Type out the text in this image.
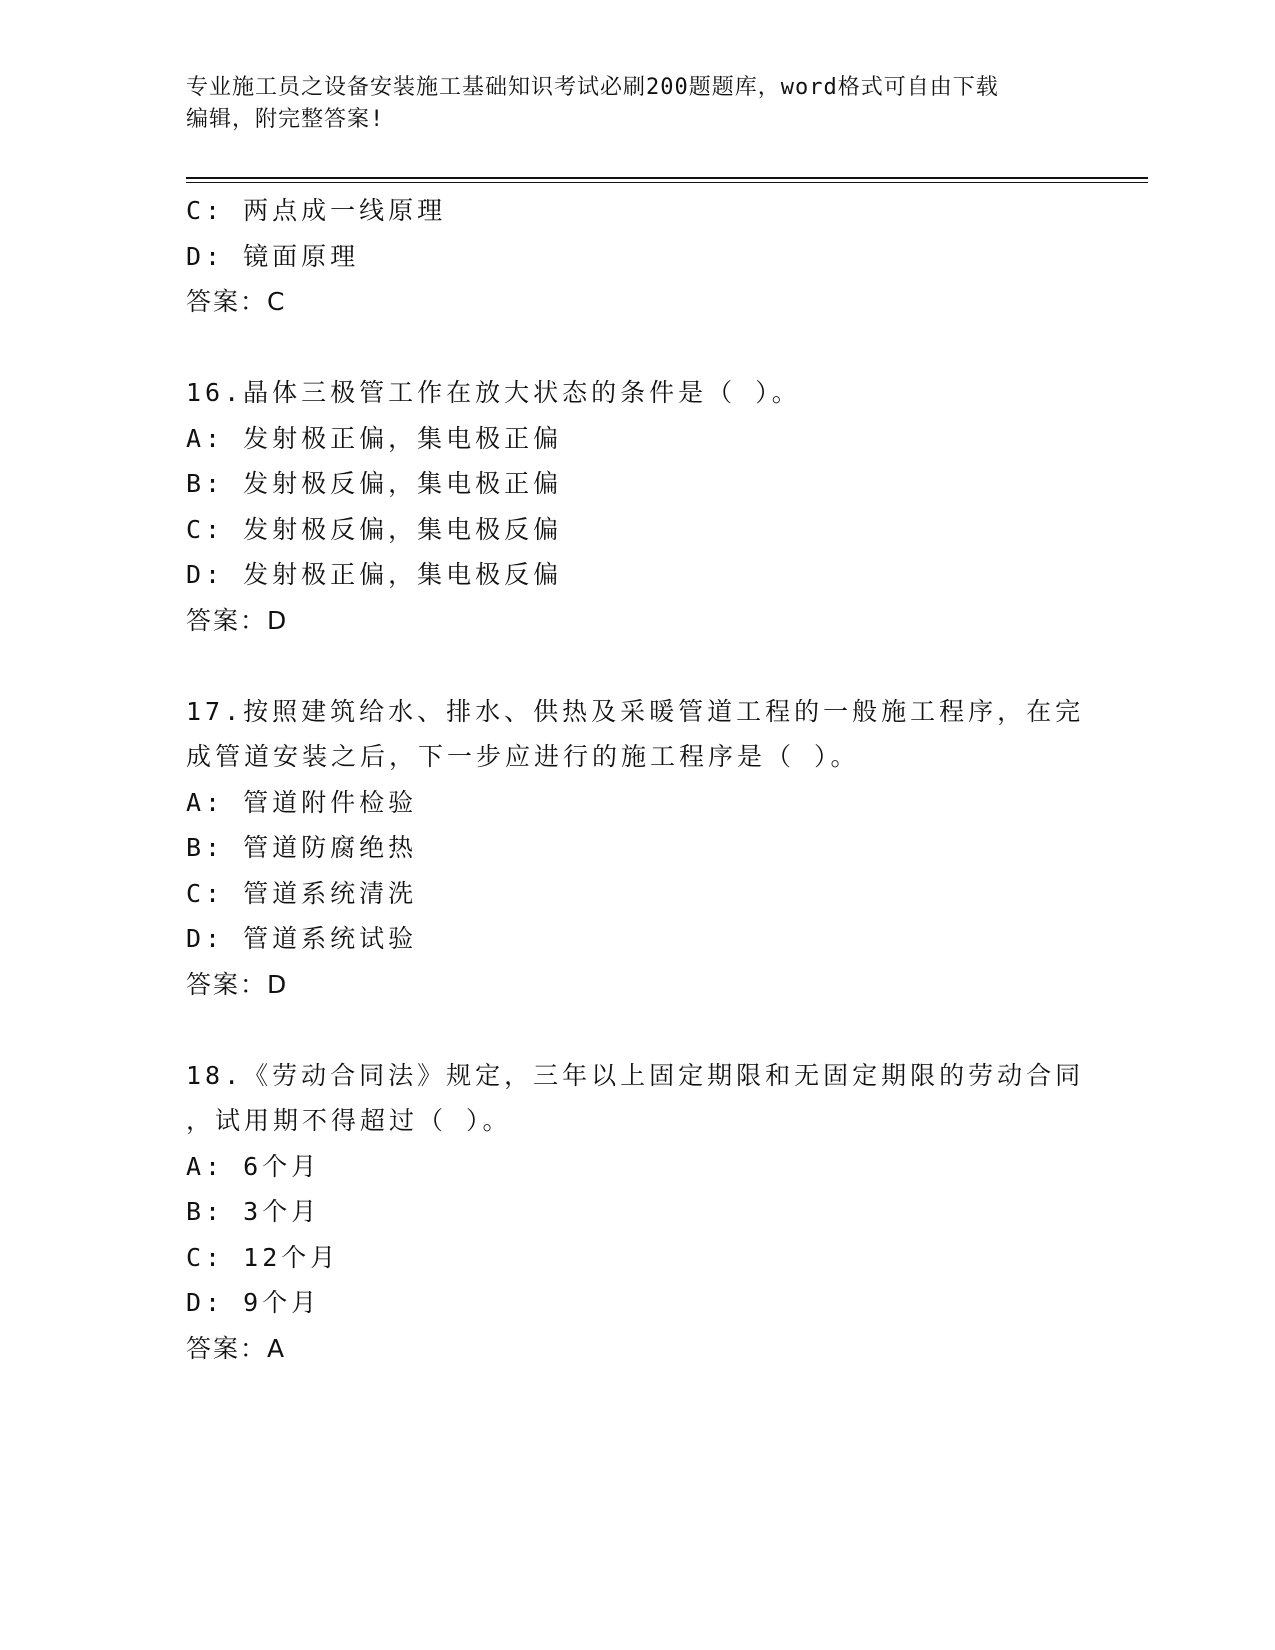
专业施工员之设备安装施工基础知识考试必刷200题题库，word格式可自由下载
编辑，附完整答案!
C: 两点成一线原理
D: 镜面原理
答案：C
16.晶体三极管工作在放大状态的条件是（ ）。
A: 发射极正偏，集电极正偏
B: 发射极反偏，集电极正偏
C: 发射极反偏，集电极反偏
D: 发射极正偏，集电极反偏
答案：D
17.按照建筑给水、排水、供热及采暖管道工程的一般施工程序，在完
成管道安装之后，下一步应进行的施工程序是（ ）。
A: 管道附件检验
B: 管道防腐绝热
C: 管道系统清洗
D: 管道系统试验
答案：D
18.《劳动合同法》规定，三年以上固定期限和无固定期限的劳动合同
，试用期不得超过（ ）。
A: 6个月
B: 3个月
C: 12个月
D: 9个月
答案：A
